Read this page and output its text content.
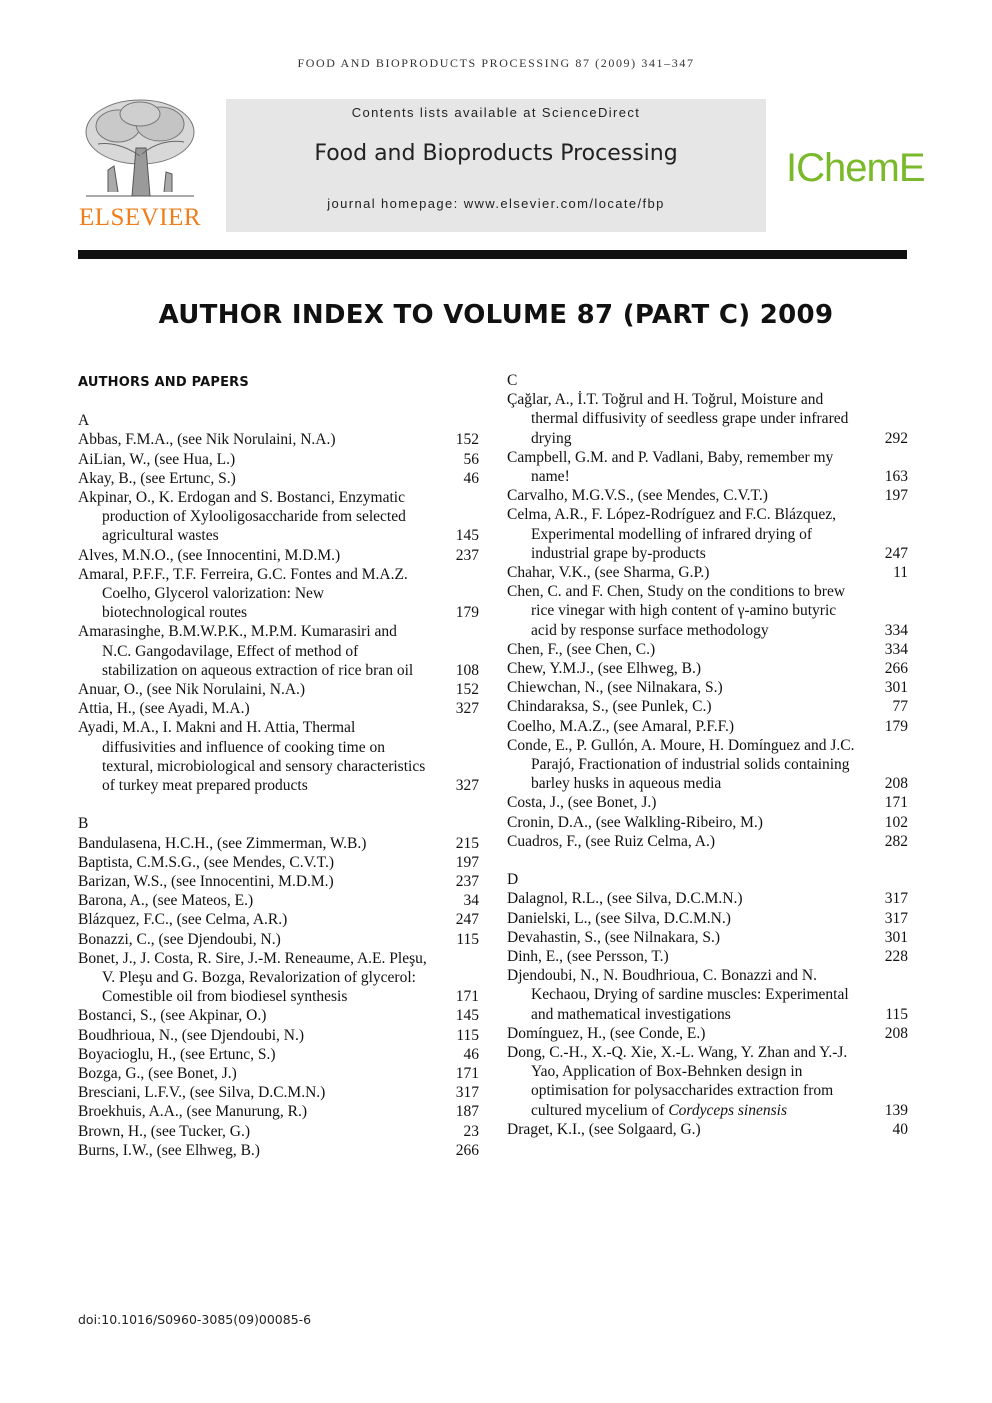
FOOD AND BIOPRODUCTS PROCESSING 87 (2009) 341–347
ELSEVIER
Contents lists available at ScienceDirect
Food and Bioproducts Processing
journal homepage: www.elsevier.com/locate/fbp
IChemE
AUTHOR INDEX TO VOLUME 87 (PART C) 2009
AUTHORS AND PAPERS
A
Abbas, F.M.A., (see Nik Norulaini, N.A.)	152
AiLian, W., (see Hua, L.)	56
Akay, B., (see Ertunc, S.)	46
Akpinar, O., K. Erdogan and S. Bostanci, Enzymatic production of Xylooligosaccharide from selected agricultural wastes	145
Alves, M.N.O., (see Innocentini, M.D.M.)	237
Amaral, P.F.F., T.F. Ferreira, G.C. Fontes and M.A.Z. Coelho, Glycerol valorization: New biotechnological routes	179
Amarasinghe, B.M.W.P.K., M.P.M. Kumarasiri and N.C. Gangodavilage, Effect of method of stabilization on aqueous extraction of rice bran oil	108
Anuar, O., (see Nik Norulaini, N.A.)	152
Attia, H., (see Ayadi, M.A.)	327
Ayadi, M.A., I. Makni and H. Attia, Thermal diffusivities and influence of cooking time on textural, microbiological and sensory characteristics of turkey meat prepared products	327
B
Bandulasena, H.C.H., (see Zimmerman, W.B.)	215
Baptista, C.M.S.G., (see Mendes, C.V.T.)	197
Barizan, W.S., (see Innocentini, M.D.M.)	237
Barona, A., (see Mateos, E.)	34
Blázquez, F.C., (see Celma, A.R.)	247
Bonazzi, C., (see Djendoubi, N.)	115
Bonet, J., J. Costa, R. Sire, J.-M. Reneaume, A.E. Pleşu, V. Pleşu and G. Bozga, Revalorization of glycerol: Comestible oil from biodiesel synthesis	171
Bostanci, S., (see Akpinar, O.)	145
Boudhrioua, N., (see Djendoubi, N.)	115
Boyacioglu, H., (see Ertunc, S.)	46
Bozga, G., (see Bonet, J.)	171
Bresciani, L.F.V., (see Silva, D.C.M.N.)	317
Broekhuis, A.A., (see Manurung, R.)	187
Brown, H., (see Tucker, G.)	23
Burns, I.W., (see Elhweg, B.)	266
C
Çağlar, A., İ.T. Toğrul and H. Toğrul, Moisture and thermal diffusivity of seedless grape under infrared drying	292
Campbell, G.M. and P. Vadlani, Baby, remember my name!	163
Carvalho, M.G.V.S., (see Mendes, C.V.T.)	197
Celma, A.R., F. López-Rodríguez and F.C. Blázquez, Experimental modelling of infrared drying of industrial grape by-products	247
Chahar, V.K., (see Sharma, G.P.)	11
Chen, C. and F. Chen, Study on the conditions to brew rice vinegar with high content of γ-amino butyric acid by response surface methodology	334
Chen, F., (see Chen, C.)	334
Chew, Y.M.J., (see Elhweg, B.)	266
Chiewchan, N., (see Nilnakara, S.)	301
Chindaraksa, S., (see Punlek, C.)	77
Coelho, M.A.Z., (see Amaral, P.F.F.)	179
Conde, E., P. Gullón, A. Moure, H. Domínguez and J.C. Parajó, Fractionation of industrial solids containing barley husks in aqueous media	208
Costa, J., (see Bonet, J.)	171
Cronin, D.A., (see Walkling-Ribeiro, M.)	102
Cuadros, F., (see Ruiz Celma, A.)	282
D
Dalagnol, R.L., (see Silva, D.C.M.N.)	317
Danielski, L., (see Silva, D.C.M.N.)	317
Devahastin, S., (see Nilnakara, S.)	301
Dinh, E., (see Persson, T.)	228
Djendoubi, N., N. Boudhrioua, C. Bonazzi and N. Kechaou, Drying of sardine muscles: Experimental and mathematical investigations	115
Domínguez, H., (see Conde, E.)	208
Dong, C.-H., X.-Q. Xie, X.-L. Wang, Y. Zhan and Y.-J. Yao, Application of Box-Behnken design in optimisation for polysaccharides extraction from cultured mycelium of Cordyceps sinensis	139
Draget, K.I., (see Solgaard, G.)	40
doi:10.1016/S0960-3085(09)00085-6
